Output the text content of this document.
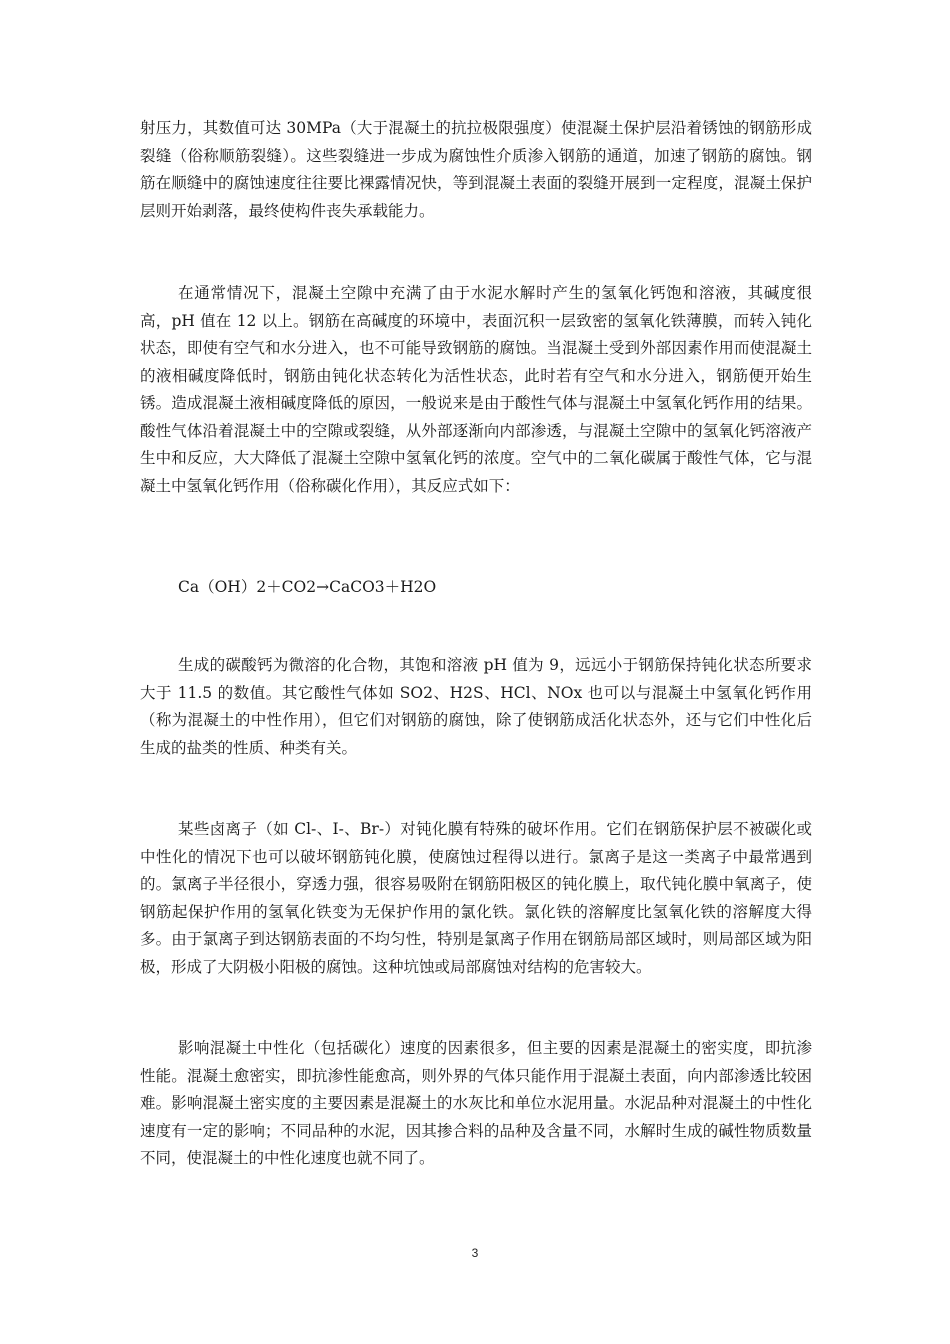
射压力，其数值可达 30MPa（大于混凝土的抗拉极限强度）使混凝土保护层沿着锈蚀的钢筋形成裂缝（俗称顺筋裂缝）。这些裂缝进一步成为腐蚀性介质渗入钢筋的通道，加速了钢筋的腐蚀。钢筋在顺缝中的腐蚀速度往往要比裸露情况快，等到混凝土表面的裂缝开展到一定程度，混凝土保护层则开始剥落，最终使构件丧失承载能力。

在通常情况下，混凝土空隙中充满了由于水泥水解时产生的氢氧化钙饱和溶液，其碱度很高，pH 值在 12 以上。钢筋在高碱度的环境中，表面沉积一层致密的氢氧化铁薄膜，而转入钝化状态，即使有空气和水分进入，也不可能导致钢筋的腐蚀。当混凝土受到外部因素作用而使混凝土的液相碱度降低时，钢筋由钝化状态转化为活性状态，此时若有空气和水分进入，钢筋便开始生锈。造成混凝土液相碱度降低的原因，一般说来是由于酸性气体与混凝土中氢氧化钙作用的结果。酸性气体沿着混凝土中的空隙或裂缝，从外部逐渐向内部渗透，与混凝土空隙中的氢氧化钙溶液产生中和反应，大大降低了混凝土空隙中氢氧化钙的浓度。空气中的二氧化碳属于酸性气体，它与混凝土中氢氧化钙作用（俗称碳化作用），其反应式如下：

Ca（OH）2＋CO2→CaCO3＋H2O

生成的碳酸钙为微溶的化合物，其饱和溶液 pH 值为 9，远远小于钢筋保持钝化状态所要求大于 11.5 的数值。其它酸性气体如 SO2、H2S、HCl、NOx 也可以与混凝土中氢氧化钙作用（称为混凝土的中性作用），但它们对钢筋的腐蚀，除了使钢筋成活化状态外，还与它们中性化后生成的盐类的性质、种类有关。

某些卤离子（如 Cl-、I-、Br-）对钝化膜有特殊的破坏作用。它们在钢筋保护层不被碳化或中性化的情况下也可以破坏钢筋钝化膜，使腐蚀过程得以进行。氯离子是这一类离子中最常遇到的。氯离子半径很小，穿透力强，很容易吸附在钢筋阳极区的钝化膜上，取代钝化膜中氧离子，使钢筋起保护作用的氢氧化铁变为无保护作用的氯化铁。氯化铁的溶解度比氢氧化铁的溶解度大得多。由于氯离子到达钢筋表面的不均匀性，特别是氯离子作用在钢筋局部区域时，则局部区域为阳极，形成了大阴极小阳极的腐蚀。这种坑蚀或局部腐蚀对结构的危害较大。

影响混凝土中性化（包括碳化）速度的因素很多，但主要的因素是混凝土的密实度，即抗渗性能。混凝土愈密实，即抗渗性能愈高，则外界的气体只能作用于混凝土表面，向内部渗透比较困难。影响混凝土密实度的主要因素是混凝土的水灰比和单位水泥用量。水泥品种对混凝土的中性化速度有一定的影响；不同品种的水泥，因其掺合料的品种及含量不同，水解时生成的碱性物质数量不同，使混凝土的中性化速度也就不同了。

3
